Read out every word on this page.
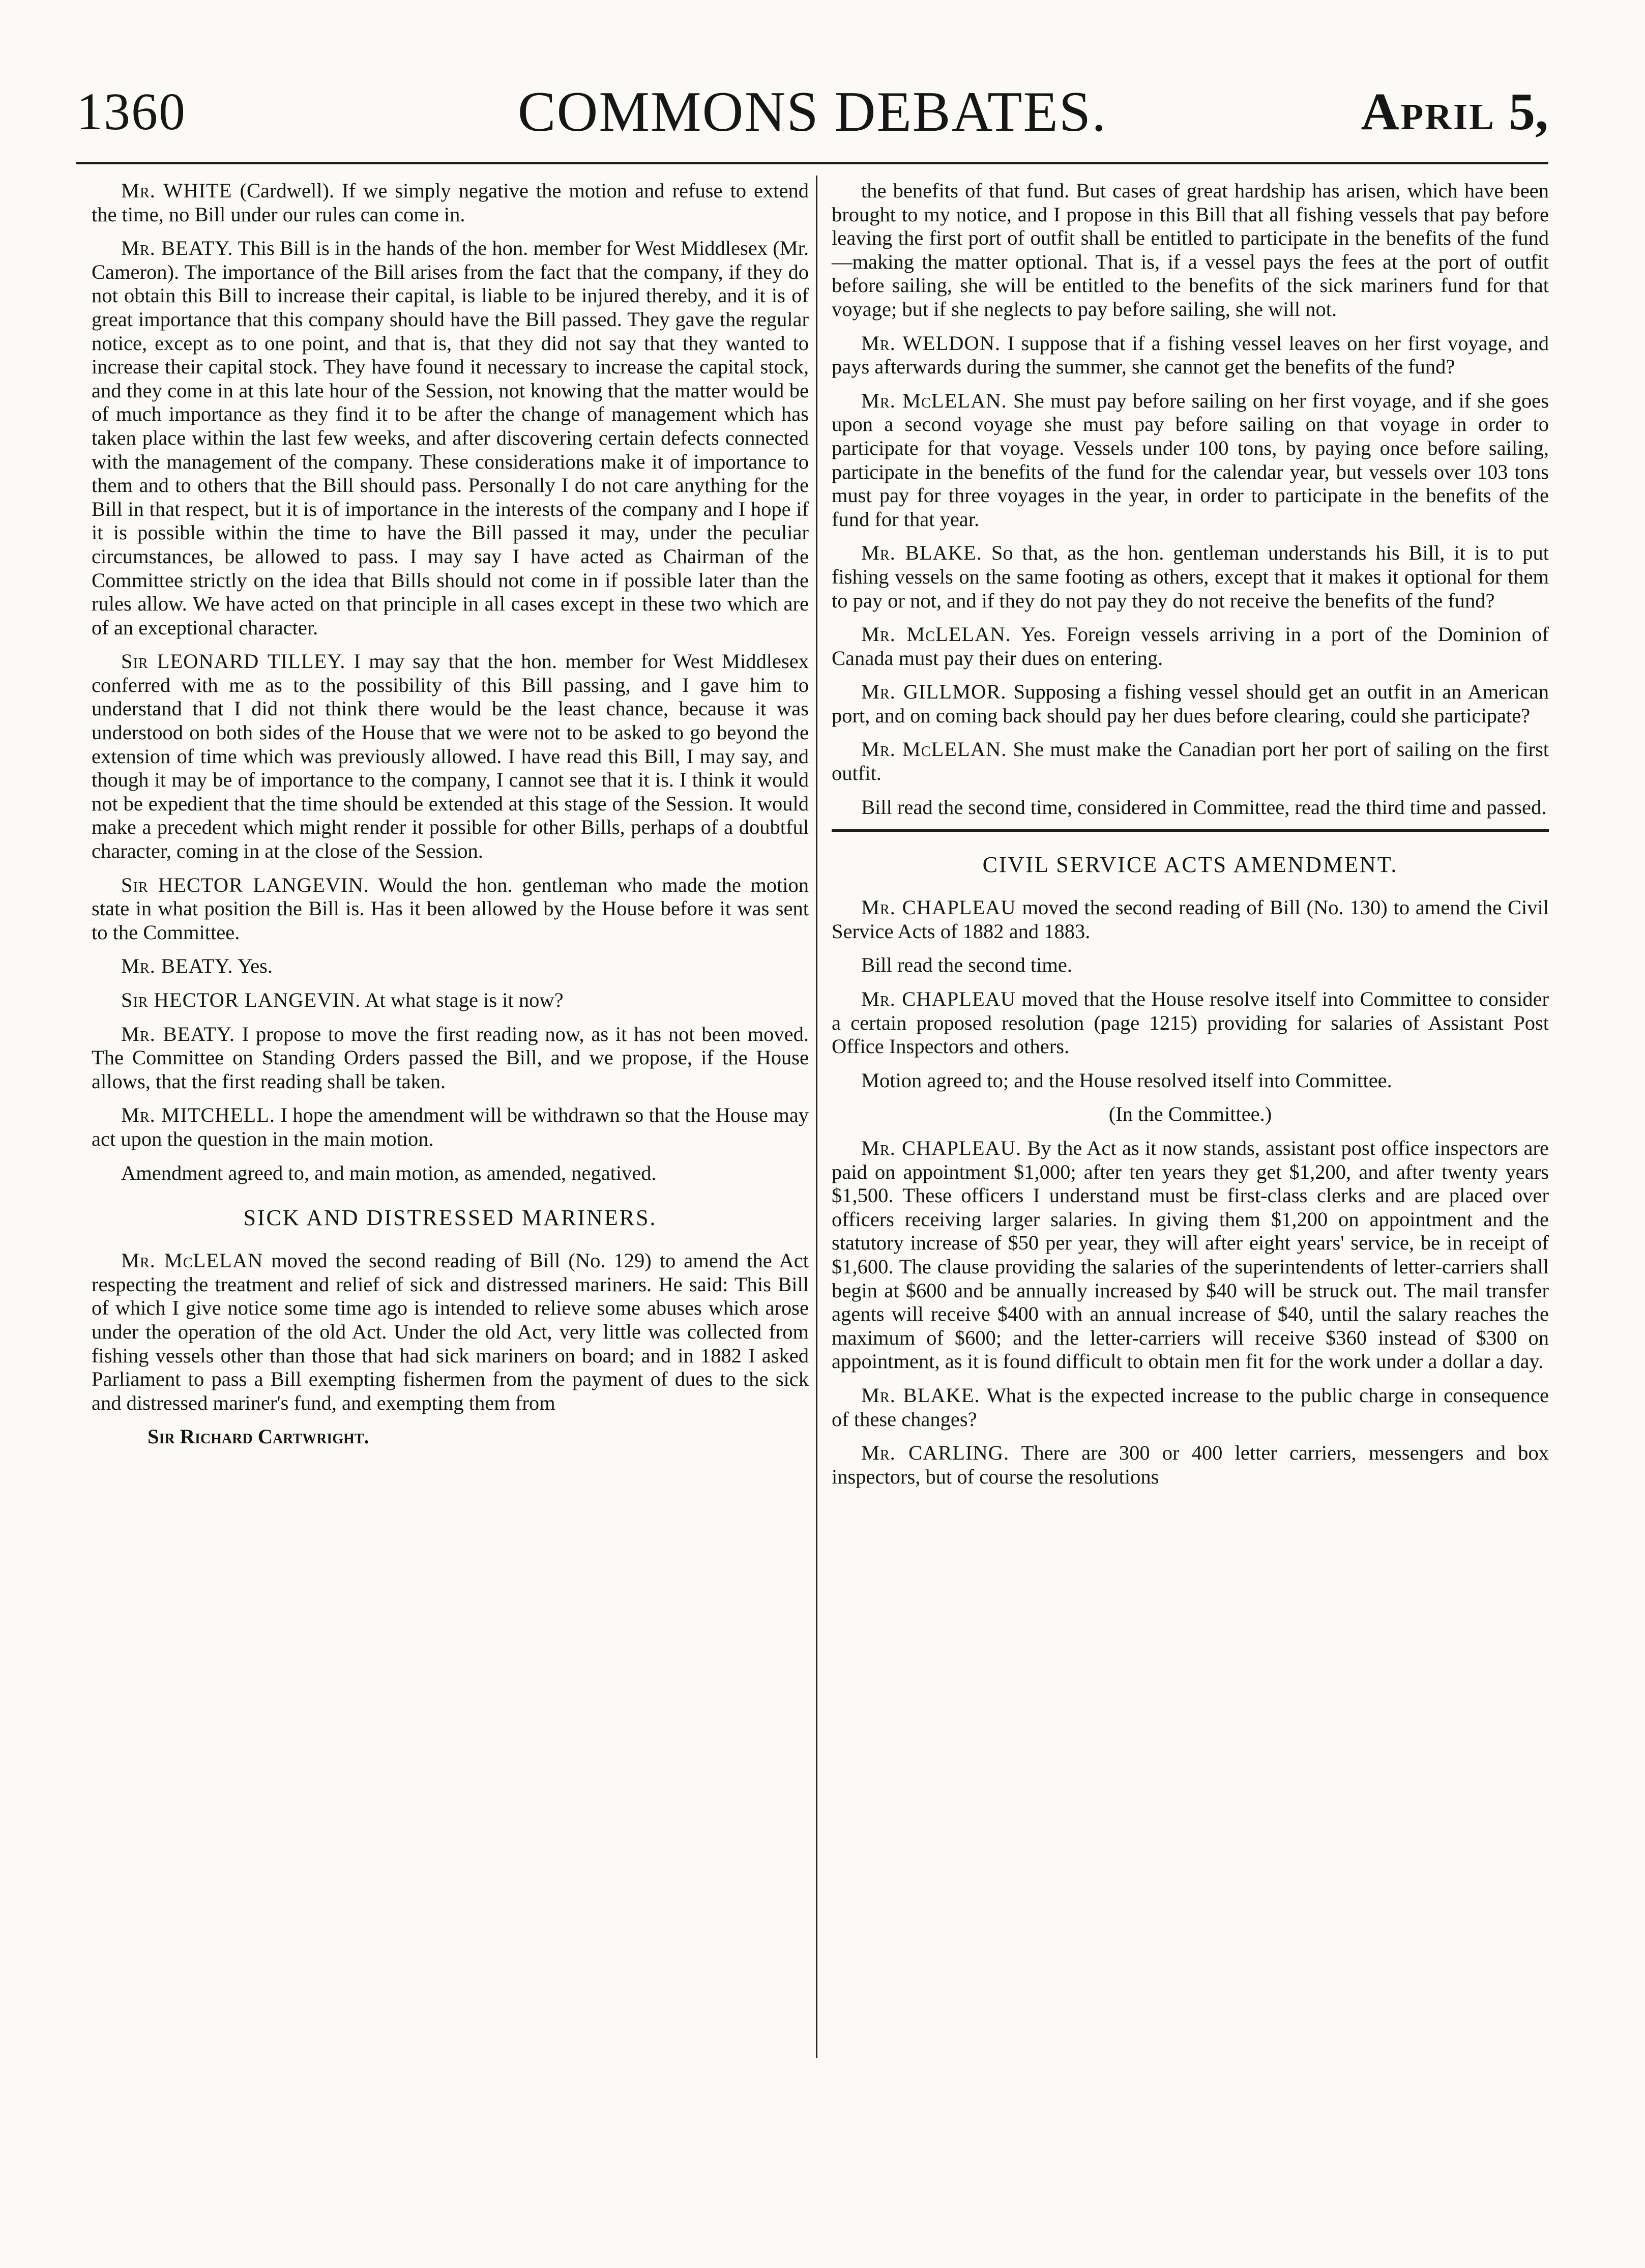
1360	COMMONS DEBATES.	April 5,

Mr. WHITE (Cardwell). If we simply negative the motion and refuse to extend the time, no Bill under our rules can come in.

Mr. BEATY. This Bill is in the hands of the hon. member for West Middlesex (Mr. Cameron). The importance of the Bill arises from the fact that the company, if they do not obtain this Bill to increase their capital, is liable to be injured thereby, and it is of great importance that this company should have the Bill passed. They gave the regular notice, except as to one point, and that is, that they did not say that they wanted to increase their capital stock. They have found it necessary to increase the capital stock, and they come in at this late hour of the Session, not knowing that the matter would be of much importance as they find it to be after the change of management which has taken place within the last few weeks, and after discovering certain defects connected with the management of the company. These considerations make it of importance to them and to others that the Bill should pass. Personally I do not care anything for the Bill in that respect, but it is of importance in the interests of the company and I hope if it is possible within the time to have the Bill passed it may, under the peculiar circumstances, be allowed to pass. I may say I have acted as Chairman of the Committee strictly on the idea that Bills should not come in if possible later than the rules allow. We have acted on that principle in all cases except in these two which are of an exceptional character.

Sir LEONARD TILLEY. I may say that the hon. member for West Middlesex conferred with me as to the possibility of this Bill passing, and I gave him to understand that I did not think there would be the least chance, because it was understood on both sides of the House that we were not to be asked to go beyond the extension of time which was previously allowed. I have read this Bill, I may say, and though it may be of importance to the company, I cannot see that it is. I think it would not be expedient that the time should be extended at this stage of the Session. It would make a precedent which might render it possible for other Bills, perhaps of a doubtful character, coming in at the close of the Session.

Sir HECTOR LANGEVIN. Would the hon. gentleman who made the motion state in what position the Bill is. Has it been allowed by the House before it was sent to the Committee.

Mr. BEATY. Yes.

Sir HECTOR LANGEVIN. At what stage is it now?

Mr. BEATY. I propose to move the first reading now, as it has not been moved. The Committee on Standing Orders passed the Bill, and we propose, if the House allows, that the first reading shall be taken.

Mr. MITCHELL. I hope the amendment will be withdrawn so that the House may act upon the question in the main motion.

Amendment agreed to, and main motion, as amended, negatived.

SICK AND DISTRESSED MARINERS.

Mr. McLELAN moved the second reading of Bill (No. 129) to amend the Act respecting the treatment and relief of sick and distressed mariners. He said: This Bill of which I give notice some time ago is intended to relieve some abuses which arose under the operation of the old Act. Under the old Act, very little was collected from fishing vessels other than those that had sick mariners on board; and in 1882 I asked Parliament to pass a Bill exempting fishermen from the payment of dues to the sick and distressed mariner's fund, and exempting them from

Sir Richard Cartwright.

the benefits of that fund. But cases of great hardship has arisen, which have been brought to my notice, and I propose in this Bill that all fishing vessels that pay before leaving the first port of outfit shall be entitled to participate in the benefits of the fund—making the matter optional. That is, if a vessel pays the fees at the port of outfit before sailing, she will be entitled to the benefits of the sick mariners fund for that voyage; but if she neglects to pay before sailing, she will not.

Mr. WELDON. I suppose that if a fishing vessel leaves on her first voyage, and pays afterwards during the summer, she cannot get the benefits of the fund?

Mr. McLELAN. She must pay before sailing on her first voyage, and if she goes upon a second voyage she must pay before sailing on that voyage in order to participate for that voyage. Vessels under 100 tons, by paying once before sailing, participate in the benefits of the fund for the calendar year, but vessels over 103 tons must pay for three voyages in the year, in order to participate in the benefits of the fund for that year.

Mr. BLAKE. So that, as the hon. gentleman understands his Bill, it is to put fishing vessels on the same footing as others, except that it makes it optional for them to pay or not, and if they do not pay they do not receive the benefits of the fund?

Mr. McLELAN. Yes. Foreign vessels arriving in a port of the Dominion of Canada must pay their dues on entering.

Mr. GILLMOR. Supposing a fishing vessel should get an outfit in an American port, and on coming back should pay her dues before clearing, could she participate?

Mr. McLELAN. She must make the Canadian port her port of sailing on the first outfit.

Bill read the second time, considered in Committee, read the third time and passed.

CIVIL SERVICE ACTS AMENDMENT.

Mr. CHAPLEAU moved the second reading of Bill (No. 130) to amend the Civil Service Acts of 1882 and 1883.

Bill read the second time.

Mr. CHAPLEAU moved that the House resolve itself into Committee to consider a certain proposed resolution (page 1215) providing for salaries of Assistant Post Office Inspectors and others.

Motion agreed to; and the House resolved itself into Committee.

(In the Committee.)

Mr. CHAPLEAU. By the Act as it now stands, assistant post office inspectors are paid on appointment $1,000; after ten years they get $1,200, and after twenty years $1,500. These officers I understand must be first-class clerks and are placed over officers receiving larger salaries. In giving them $1,200 on appointment and the statutory increase of $50 per year, they will after eight years' service, be in receipt of $1,600. The clause providing the salaries of the superintendents of letter-carriers shall begin at $600 and be annually increased by $40 will be struck out. The mail transfer agents will receive $400 with an annual increase of $40, until the salary reaches the maximum of $600; and the letter-carriers will receive $360 instead of $300 on appointment, as it is found difficult to obtain men fit for the work under a dollar a day.

Mr. BLAKE. What is the expected increase to the public charge in consequence of these changes?

Mr. CARLING. There are 300 or 400 letter carriers, messengers and box inspectors, but of course the resolutions
